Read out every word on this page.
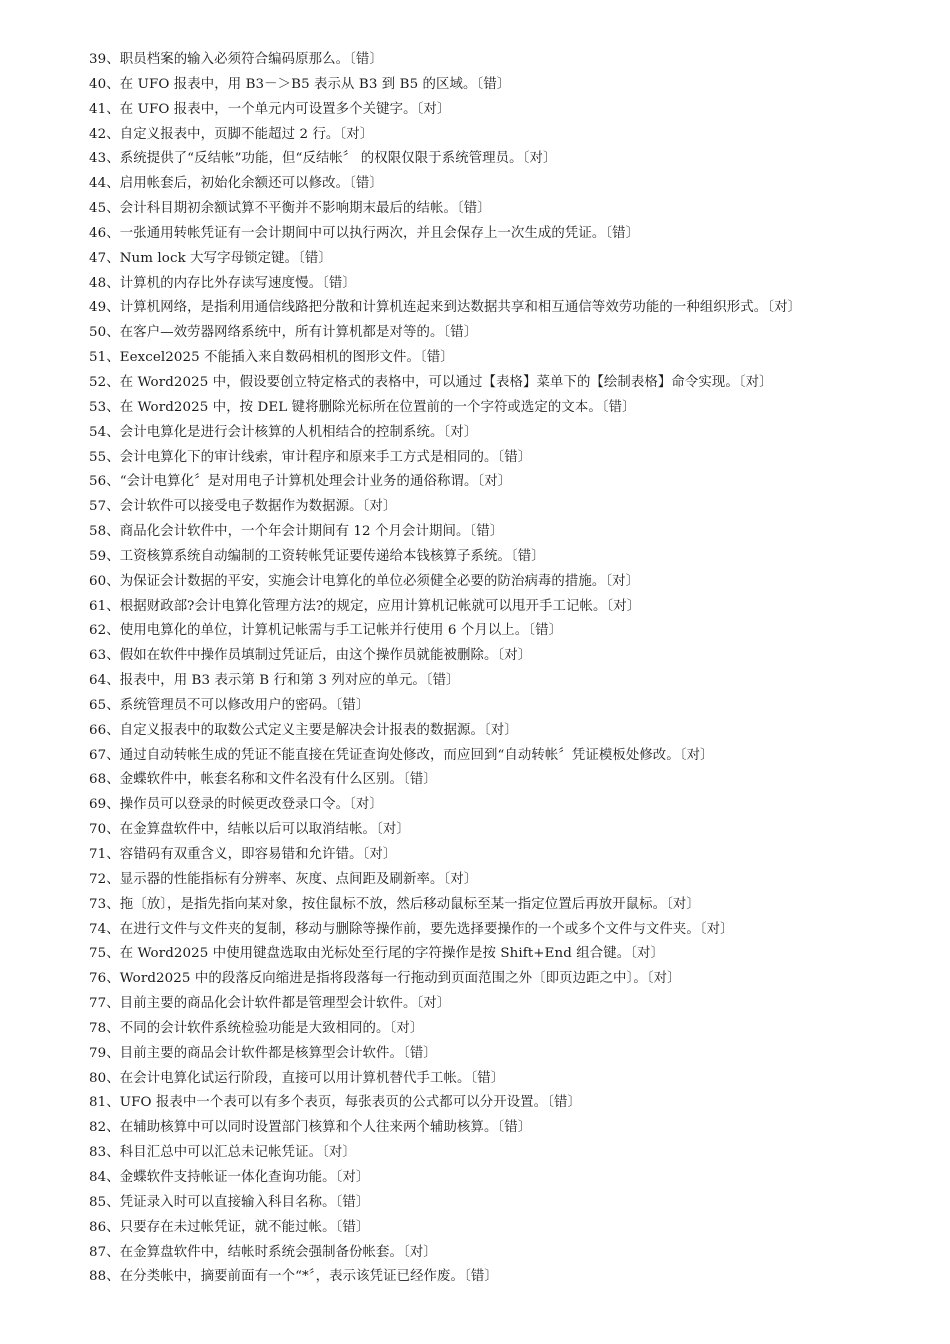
39、职员档案的输入必须符合编码原那么。〔错〕
40、在 UFO 报表中，用 B3－＞B5 表示从 B3 到 B5 的区域。〔错〕
41、在 UFO 报表中，一个单元内可设置多个关键字。〔对〕
42、自定义报表中，页脚不能超过 2 行。〔对〕
43、系统提供了“反结帐”功能，但“反结帐〞 的权限仅限于系统管理员。〔对〕
44、启用帐套后，初始化余额还可以修改。〔错〕
45、会计科目期初余额试算不平衡并不影响期末最后的结帐。〔错〕
46、一张通用转帐凭证有一会计期间中可以执行两次，并且会保存上一次生成的凭证。〔错〕
47、Num lock 大写字母锁定键。〔错〕
48、计算机的内存比外存读写速度慢。〔错〕
49、计算机网络，是指利用通信线路把分散和计算机连起来到达数据共享和相互通信等效劳功能的一种组织形式。〔对〕
50、在客户—效劳器网络系统中，所有计算机都是对等的。〔错〕
51、Eexcel2025 不能插入来自数码相机的图形文件。〔错〕
52、在 Word2025 中，假设要创立特定格式的表格中，可以通过【表格】菜单下的【绘制表格】命令实现。〔对〕
53、在 Word2025 中，按 DEL 键将删除光标所在位置前的一个字符或选定的文本。〔错〕
54、会计电算化是进行会计核算的人机相结合的控制系统。〔对〕
55、会计电算化下的审计线索，审计程序和原来手工方式是相同的。〔错〕
56、“会计电算化〞是对用电子计算机处理会计业务的通俗称谓。〔对〕
57、会计软件可以接受电子数据作为数据源。〔对〕
58、商品化会计软件中，一个年会计期间有 12 个月会计期间。〔错〕
59、工资核算系统自动编制的工资转帐凭证要传递给本钱核算子系统。〔错〕
60、为保证会计数据的平安，实施会计电算化的单位必须健全必要的防治病毒的措施。〔对〕
61、根据财政部?会计电算化管理方法?的规定，应用计算机记帐就可以甩开手工记帐。〔对〕
62、使用电算化的单位，计算机记帐需与手工记帐并行使用 6 个月以上。〔错〕
63、假如在软件中操作员填制过凭证后，由这个操作员就能被删除。〔对〕
64、报表中，用 B3 表示第 B 行和第 3 列对应的单元。〔错〕
65、系统管理员不可以修改用户的密码。〔错〕
66、自定义报表中的取数公式定义主要是解决会计报表的数据源。〔对〕
67、通过自动转帐生成的凭证不能直接在凭证查询处修改，而应回到“自动转帐〞凭证模板处修改。〔对〕
68、金蝶软件中，帐套名称和文件名没有什么区别。〔错〕
69、操作员可以登录的时候更改登录口令。〔对〕
70、在金算盘软件中，结帐以后可以取消结帐。〔对〕
71、容错码有双重含义，即容易错和允许错。〔对〕
72、显示器的性能指标有分辨率、灰度、点间距及刷新率。〔对〕
73、拖〔放〕，是指先指向某对象，按住鼠标不放，然后移动鼠标至某一指定位置后再放开鼠标。〔对〕
74、在进行文件与文件夹的复制，移动与删除等操作前，要先选择要操作的一个或多个文件与文件夹。〔对〕
75、在 Word2025 中使用键盘选取由光标处至行尾的字符操作是按 Shift+End 组合键。〔对〕
76、Word2025 中的段落反向缩进是指将段落每一行拖动到页面范围之外〔即页边距之中〕。〔对〕
77、目前主要的商品化会计软件都是管理型会计软件。〔对〕
78、不同的会计软件系统检验功能是大致相同的。〔对〕
79、目前主要的商品会计软件都是核算型会计软件。〔错〕
80、在会计电算化试运行阶段，直接可以用计算机替代手工帐。〔错〕
81、UFO 报表中一个表可以有多个表页，每张表页的公式都可以分开设置。〔错〕
82、在辅助核算中可以同时设置部门核算和个人往来两个辅助核算。〔错〕
83、科目汇总中可以汇总未记帐凭证。〔对〕
84、金蝶软件支持帐证一体化查询功能。〔对〕
85、凭证录入时可以直接输入科目名称。〔错〕
86、只要存在未过帐凭证，就不能过帐。〔错〕
87、在金算盘软件中，结帐时系统会强制备份帐套。〔对〕
88、在分类帐中，摘要前面有一个“*〞，表示该凭证已经作废。〔错〕
